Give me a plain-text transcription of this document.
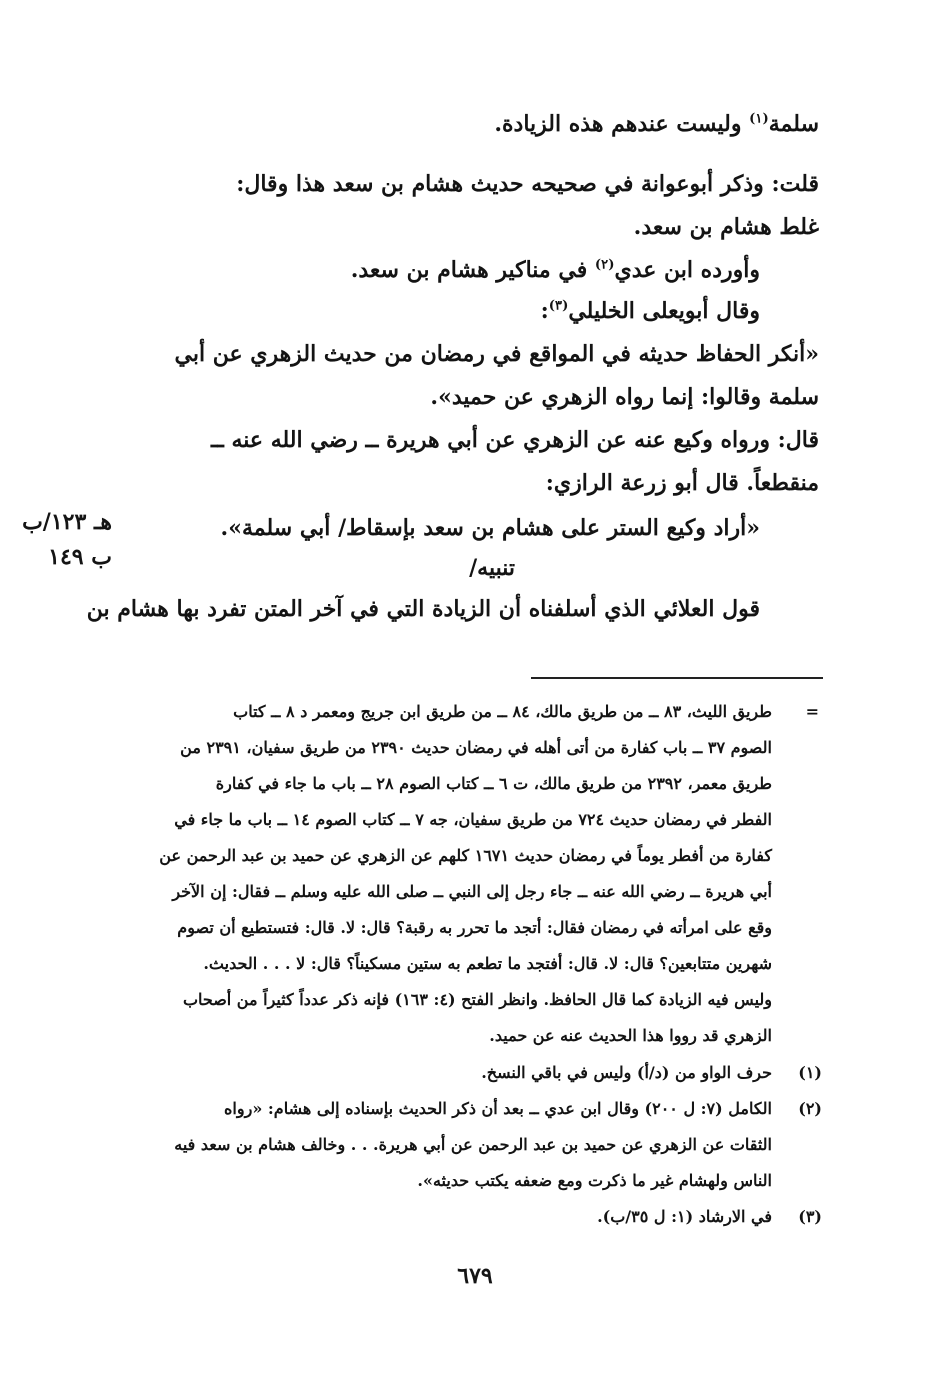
سلمة$^{(١)}$ وليست عندهم هذه الزيادة.
قلت: وذكر أبوعوانة في صحيحه حديث هشام بن سعد هذا وقال:
غلط هشام بن سعد.
وأورده ابن عدي$^{(٢)}$ في مناكير هشام بن سعد.
وقال أبويعلى الخليلي$^{(٣)}$:
«أنكر الحفاظ حديثه في المواقع في رمضان من حديث الزهري عن أبي
سلمة وقالوا: إنما رواه الزهري عن حميد».
قال: ورواه وكيع عنه عن الزهري عن أبي هريرة ــ رضي الله عنه ــ
منقطعاً. قال أبو زرعة الرازي:
«أراد وكيع الستر على هشام بن سعد بإسقاط/ أبي سلمة».
تنبيه/
قول العلائي الذي أسلفناه أن الزيادة التي في آخر المتن تفرد بها هشام بن
هـ ١٢٣/ب
ب ١٤٩
=
طريق الليث، ٨٣ ــ من طريق مالك، ٨٤ ــ من طريق ابن جريج ومعمر د ٨ ــ كتاب
الصوم ٣٧ ــ باب كفارة من أتى أهله في رمضان حديث ٢٣٩٠ من طريق سفيان، ٢٣٩١ من
طريق معمر، ٢٣٩٢ من طريق مالك، ت ٦ ــ كتاب الصوم ٢٨ ــ باب ما جاء في كفارة
الفطر في رمضان حديث ٧٢٤ من طريق سفيان، جه ٧ ــ كتاب الصوم ١٤ ــ باب ما جاء في
كفارة من أفطر يوماً في رمضان حديث ١٦٧١ كلهم عن الزهري عن حميد بن عبد الرحمن عن
أبي هريرة ــ رضي الله عنه ــ جاء رجل إلى النبي ــ صلى الله عليه وسلم ــ فقال: إن الآخر
وقع على امرأته في رمضان فقال: أتجد ما تحرر به رقبة؟ قال: لا. قال: فتستطيع أن تصوم
شهرين متتابعين؟ قال: لا. قال: أفتجد ما تطعم به ستين مسكيناً؟ قال: لا . . . الحديث.
وليس فيه الزيادة كما قال الحافظ. وانظر الفتح (٤: ١٦٣) فإنه ذكر عدداً كثيراً من أصحاب
الزهري قد رووا هذا الحديث عنه عن حميد.
(١)
حرف الواو من (د/أ) وليس في باقي النسخ.
(٢)
الكامل (٧: ل ٢٠٠) وقال ابن عدي ــ بعد أن ذكر الحديث بإسناده إلى هشام: «رواه
الثقات عن الزهري عن حميد بن عبد الرحمن عن أبي هريرة. . . وخالف هشام بن سعد فيه
الناس ولهشام غير ما ذكرت ومع ضعفه يكتب حديثه».
(٣)
في الارشاد (١: ل ٣٥/ب).
٦٧٩
